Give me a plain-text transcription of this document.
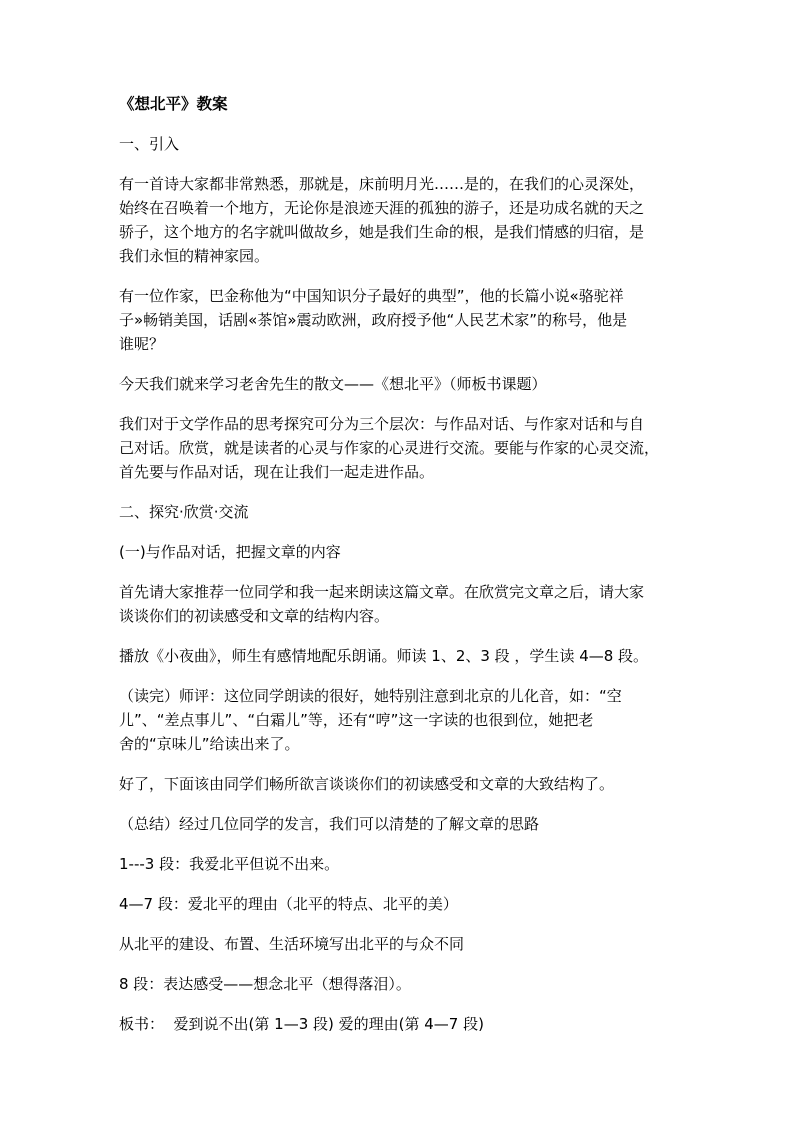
《想北平》教案
一、引入
有一首诗大家都非常熟悉，那就是，床前明月光……是的，在我们的心灵深处，
始终在召唤着一个地方，无论你是浪迹天涯的孤独的游子，还是功成名就的天之
骄子，这个地方的名字就叫做故乡，她是我们生命的根，是我们情感的归宿，是
我们永恒的精神家园。
有一位作家，巴金称他为“中国知识分子最好的典型”，他的长篇小说«骆驼祥
子»畅销美国，话剧«茶馆»震动欧洲，政府授予他“人民艺术家”的称号，他是
谁呢？
今天我们就来学习老舍先生的散文——《想北平》（师板书课题）
我们对于文学作品的思考探究可分为三个层次：与作品对话、与作家对话和与自
己对话。欣赏，就是读者的心灵与作家的心灵进行交流。要能与作家的心灵交流，
首先要与作品对话，现在让我们一起走进作品。
二、探究·欣赏·交流
(一)与作品对话，把握文章的内容
首先请大家推荐一位同学和我一起来朗读这篇文章。在欣赏完文章之后，请大家
谈谈你们的初读感受和文章的结构内容。
播放《小夜曲》，师生有感情地配乐朗诵。师读 1、2、3 段 ，学生读 4—8 段。
（读完）师评：这位同学朗读的很好，她特别注意到北京的儿化音，如：“空
儿”、“差点事儿”、“白霜儿”等，还有“哼”这一字读的也很到位，她把老
舍的“京味儿”给读出来了。
好了，下面该由同学们畅所欲言谈谈你们的初读感受和文章的大致结构了。
（总结）经过几位同学的发言，我们可以清楚的了解文章的思路
1---3 段：我爱北平但说不出来。
4—7 段：爱北平的理由（北平的特点、北平的美）
从北平的建设、布置、生活环境写出北平的与众不同
8 段：表达感受——想念北平（想得落泪）。
板书：  爱到说不出(第 1—3 段) 爱的理由(第 4—7 段)
